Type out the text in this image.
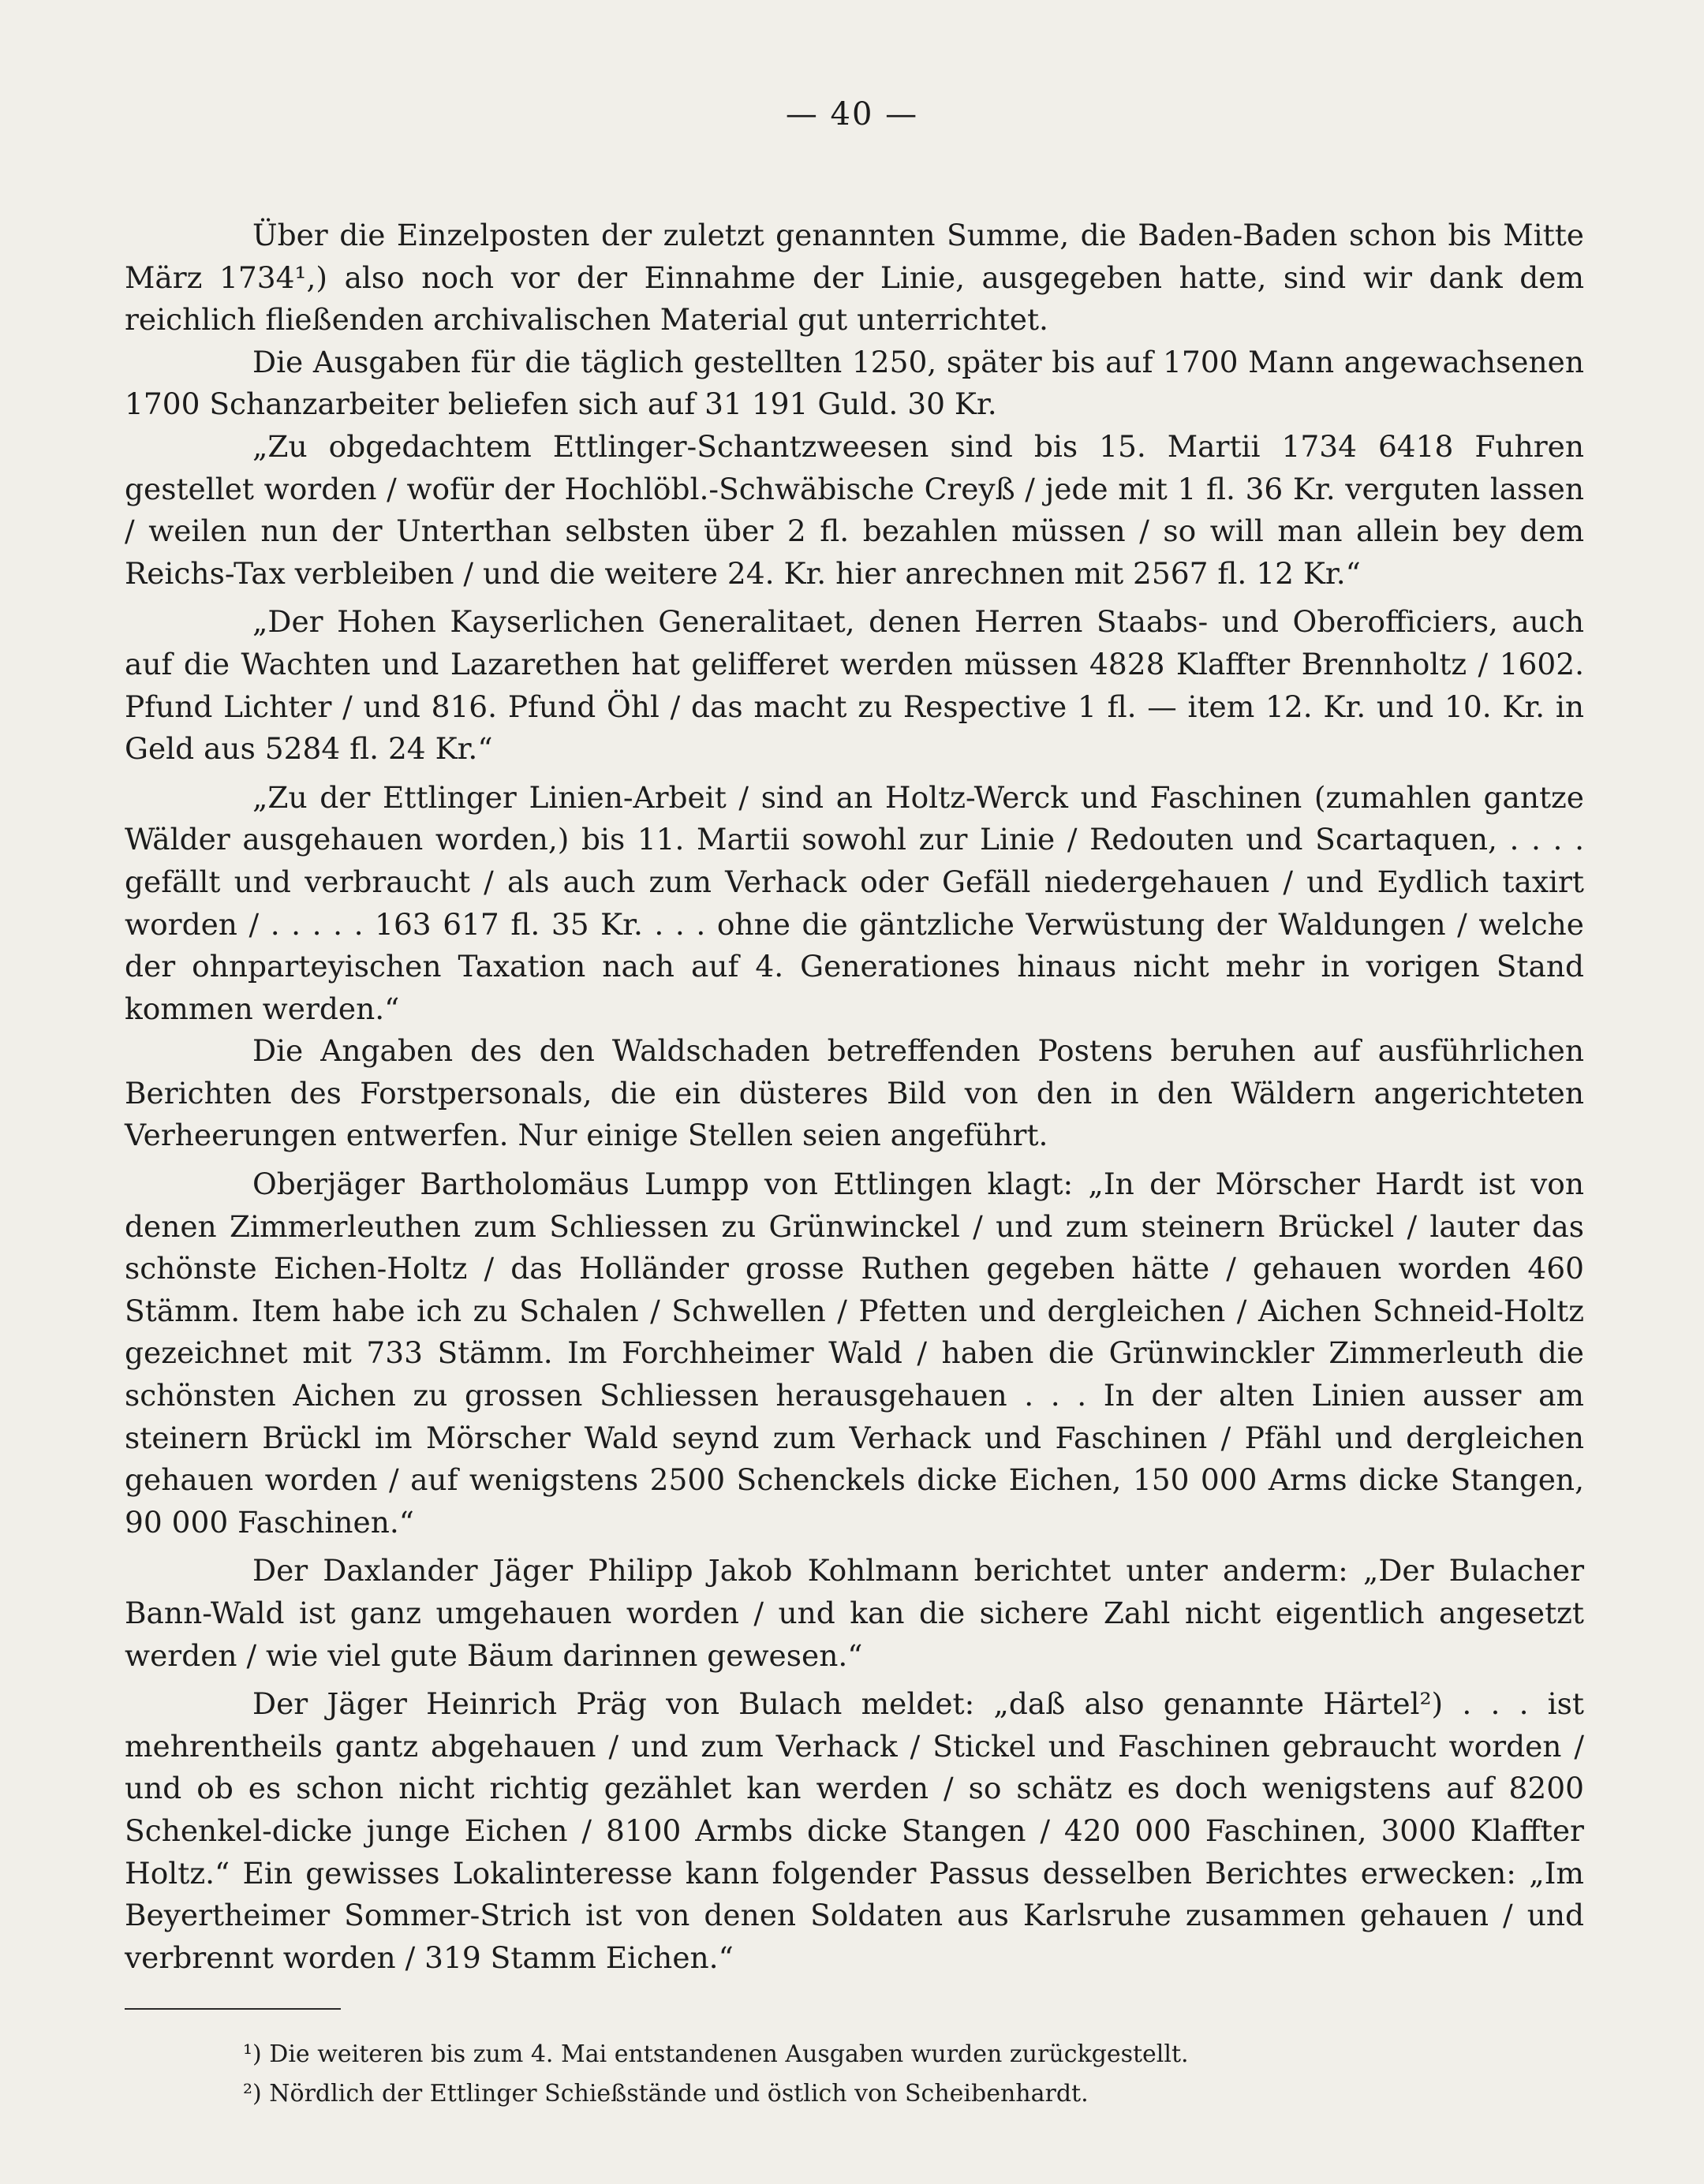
— 40 —

Über die Einzelposten der zuletzt genannten Summe, die Baden-Baden schon bis Mitte März 1734¹,) also noch vor der Einnahme der Linie, ausgegeben hatte, sind wir dank dem reichlich fließenden archivalischen Material gut unterrichtet.

Die Ausgaben für die täglich gestellten 1250, später bis auf 1700 Mann angewachsenen 1700 Schanzarbeiter beliefen sich auf 31 191 Guld. 30 Kr.

„Zu obgedachtem Ettlinger-Schantzweesen sind bis 15. Martii 1734 6418 Fuhren gestellet worden / wofür der Hochlöbl.-Schwäbische Creyß / jede mit 1 fl. 36 Kr. verguten lassen / weilen nun der Unterthan selbsten über 2 fl. bezahlen müssen / so will man allein bey dem Reichs-Tax verbleiben / und die weitere 24. Kr. hier anrechnen mit 2567 fl. 12 Kr.“

„Der Hohen Kayserlichen Generalitaet, denen Herren Staabs- und Oberofficiers, auch auf die Wachten und Lazarethen hat gelifferet werden müssen 4828 Klaffter Brennholtz / 1602. Pfund Lichter / und 816. Pfund Öhl / das macht zu Respective 1 fl. — item 12. Kr. und 10. Kr. in Geld aus 5284 fl. 24 Kr.“

„Zu der Ettlinger Linien-Arbeit / sind an Holtz-Werck und Faschinen (zumahlen gantze Wälder ausgehauen worden,) bis 11. Martii sowohl zur Linie / Redouten und Scartaquen, . . . . gefällt und verbraucht / als auch zum Verhack oder Gefäll niedergehauen / und Eydlich taxirt worden / . . . . . 163 617 fl. 35 Kr. . . . ohne die gäntzliche Verwüstung der Waldungen / welche der ohnparteyischen Taxation nach auf 4. Generationes hinaus nicht mehr in vorigen Stand kommen werden.“

Die Angaben des den Waldschaden betreffenden Postens beruhen auf ausführlichen Berichten des Forstpersonals, die ein düsteres Bild von den in den Wäldern angerichteten Verheerungen entwerfen. Nur einige Stellen seien angeführt.

Oberjäger Bartholomäus Lumpp von Ettlingen klagt: „In der Mörscher Hardt ist von denen Zimmerleuthen zum Schliessen zu Grünwinckel / und zum steinern Brückel / lauter das schönste Eichen-Holtz / das Holländer grosse Ruthen gegeben hätte / gehauen worden 460 Stämm. Item habe ich zu Schalen / Schwellen / Pfetten und dergleichen / Aichen Schneid-Holtz gezeichnet mit 733 Stämm. Im Forchheimer Wald / haben die Grünwinckler Zimmerleuth die schönsten Aichen zu grossen Schliessen herausgehauen . . . In der alten Linien ausser am steinern Brückl im Mörscher Wald seynd zum Verhack und Faschinen / Pfähl und dergleichen gehauen worden / auf wenigstens 2500 Schenckels dicke Eichen, 150 000 Arms dicke Stangen, 90 000 Faschinen.“

Der Daxlander Jäger Philipp Jakob Kohlmann berichtet unter anderm: „Der Bulacher Bann-Wald ist ganz umgehauen worden / und kan die sichere Zahl nicht eigentlich angesetzt werden / wie viel gute Bäum darinnen gewesen.“

Der Jäger Heinrich Präg von Bulach meldet: „daß also genannte Härtel²) . . . ist mehrentheils gantz abgehauen / und zum Verhack / Stickel und Faschinen gebraucht worden / und ob es schon nicht richtig gezählet kan werden / so schätz es doch wenigstens auf 8200 Schenkel-dicke junge Eichen / 8100 Armbs dicke Stangen / 420 000 Faschinen, 3000 Klaffter Holtz.“ Ein gewisses Lokalinteresse kann folgender Passus desselben Berichtes erwecken: „Im Beyertheimer Sommer-Strich ist von denen Soldaten aus Karlsruhe zusammen gehauen / und verbrennt worden / 319 Stamm Eichen.“

¹) Die weiteren bis zum 4. Mai entstandenen Ausgaben wurden zurückgestellt.

²) Nördlich der Ettlinger Schießstände und östlich von Scheibenhardt.
